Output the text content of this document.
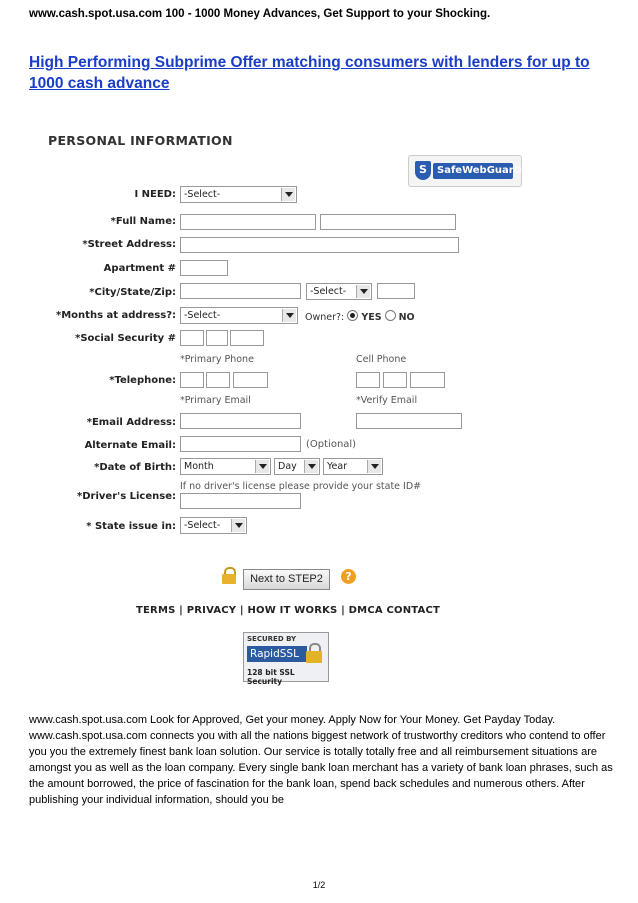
www.cash.spot.usa.com 100 - 1000 Money Advances, Get Support to your Shocking.
High Performing Subprime Offer matching consumers with lenders for up to 1000 cash advance
PERSONAL INFORMATION
S	SafeWebGuarD
I NEED: -Select-
*Full Name:
*Street Address:
Apartment #
*City/State/Zip:	-Select-
*Months at address?: -Select-	Owner?: YES NO
*Social Security #
*Primary Phone	Cell Phone
*Telephone:
*Primary Email	*Verify Email
*Email Address:
Alternate Email:	(Optional)
*Date of Birth: Month	Day	Year
If no driver's license please provide your state ID#
*Driver's License:
* State issue in: -Select-
Next to STEP2	?
TERMS | PRIVACY | HOW IT WORKS | DMCA CONTACT
SECURED BY
RapidSSL
128 bit SSL Security
www.cash.spot.usa.com Look for Approved, Get your money. Apply Now for Your Money. Get Payday Today.
www.cash.spot.usa.com connects you with all the nations biggest network of trustworthy creditors who contend to offer you you the extremely finest bank loan solution. Our service is totally totally free and all reimbursement situations are amongst you as well as the loan company. Every single bank loan merchant has a variety of bank loan phrases, such as the amount borrowed, the price of fascination for the bank loan, spend back schedules and numerous others. After publishing your individual information, should you be
1/2
